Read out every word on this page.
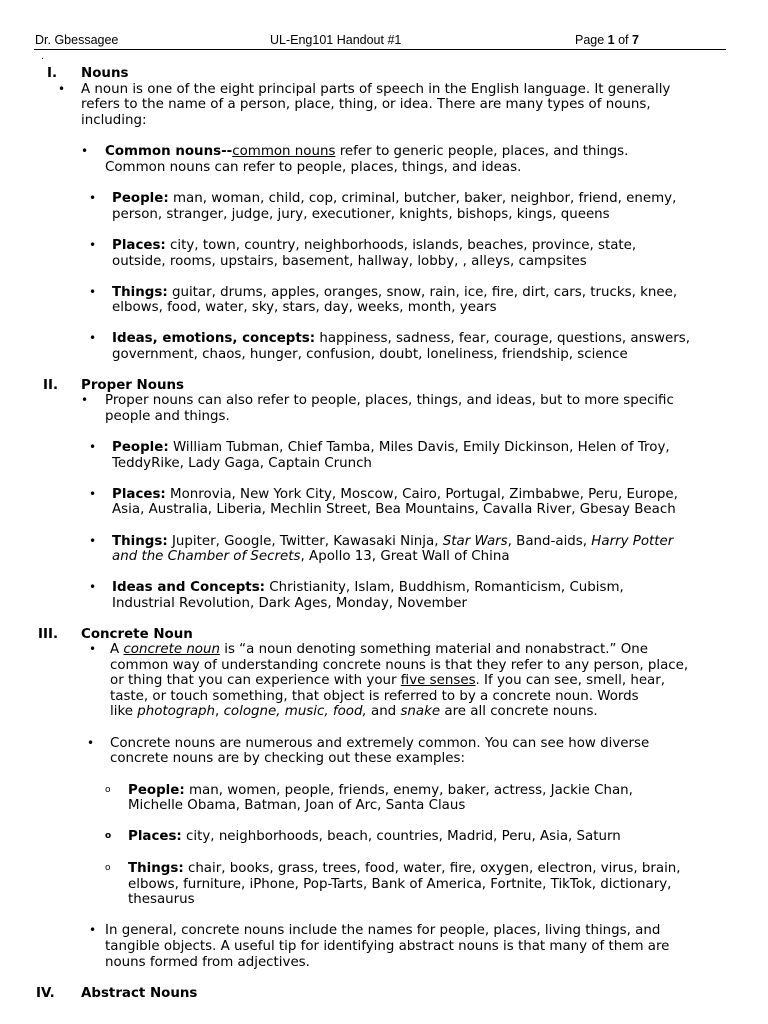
Dr. Gbessagee	UL-Eng101 Handout #1	Page 1 of 7
.
I. Nouns
• A noun is one of the eight principal parts of speech in the English language. It generally
refers to the name of a person, place, thing, or idea. There are many types of nouns,
including:
• Common nouns--common nouns refer to generic people, places, and things.
Common nouns can refer to people, places, things, and ideas.
• People: man, woman, child, cop, criminal, butcher, baker, neighbor, friend, enemy,
person, stranger, judge, jury, executioner, knights, bishops, kings, queens
• Places: city, town, country, neighborhoods, islands, beaches, province, state,
outside, rooms, upstairs, basement, hallway, lobby, , alleys, campsites
• Things: guitar, drums, apples, oranges, snow, rain, ice, fire, dirt, cars, trucks, knee,
elbows, food, water, sky, stars, day, weeks, month, years
• Ideas, emotions, concepts: happiness, sadness, fear, courage, questions, answers,
government, chaos, hunger, confusion, doubt, loneliness, friendship, science
II. Proper Nouns
• Proper nouns can also refer to people, places, things, and ideas, but to more specific
people and things.
• People: William Tubman, Chief Tamba, Miles Davis, Emily Dickinson, Helen of Troy,
TeddyRike, Lady Gaga, Captain Crunch
• Places: Monrovia, New York City, Moscow, Cairo, Portugal, Zimbabwe, Peru, Europe,
Asia, Australia, Liberia, Mechlin Street, Bea Mountains, Cavalla River, Gbesay Beach
• Things: Jupiter, Google, Twitter, Kawasaki Ninja, Star Wars, Band-aids, Harry Potter
and the Chamber of Secrets, Apollo 13, Great Wall of China
• Ideas and Concepts: Christianity, Islam, Buddhism, Romanticism, Cubism,
Industrial Revolution, Dark Ages, Monday, November
III. Concrete Noun
• A concrete noun is “a noun denoting something material and nonabstract.” One
common way of understanding concrete nouns is that they refer to any person, place,
or thing that you can experience with your five senses. If you can see, smell, hear,
taste, or touch something, that object is referred to by a concrete noun. Words
like photograph, cologne, music, food, and snake are all concrete nouns.
• Concrete nouns are numerous and extremely common. You can see how diverse
concrete nouns are by checking out these examples:
o People: man, women, people, friends, enemy, baker, actress, Jackie Chan,
Michelle Obama, Batman, Joan of Arc, Santa Claus
o Places: city, neighborhoods, beach, countries, Madrid, Peru, Asia, Saturn
o Things: chair, books, grass, trees, food, water, fire, oxygen, electron, virus, brain,
elbows, furniture, iPhone, Pop-Tarts, Bank of America, Fortnite, TikTok, dictionary,
thesaurus
• In general, concrete nouns include the names for people, places, living things, and
tangible objects. A useful tip for identifying abstract nouns is that many of them are
nouns formed from adjectives.
IV. Abstract Nouns
